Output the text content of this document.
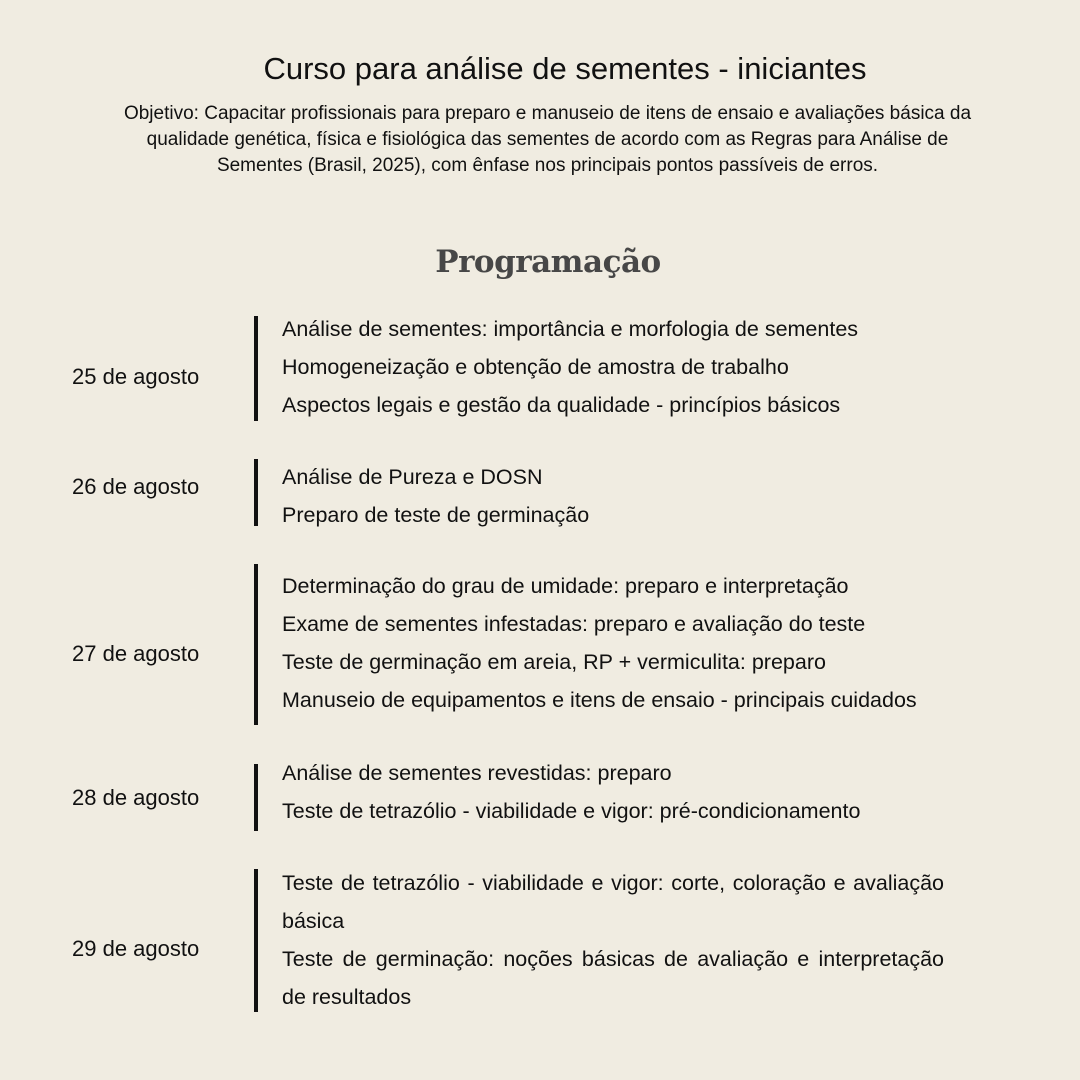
Curso para análise de sementes - iniciantes

Objetivo: Capacitar profissionais para preparo e manuseio de itens de ensaio e avaliações básica da qualidade genética, física e fisiológica das sementes de acordo com as Regras para Análise de Sementes (Brasil, 2025), com ênfase nos principais pontos passíveis de erros.

Programação
25 de agosto
Análise de sementes: importância e morfologia de sementes
Homogeneização e obtenção de amostra de trabalho
Aspectos legais e gestão da qualidade - princípios básicos
26 de agosto	Análise de Pureza e DOSN
Preparo de teste de germinação
27 de agosto
Determinação do grau de umidade: preparo e interpretação
Exame de sementes infestadas: preparo e avaliação do teste
Teste de germinação em areia, RP + vermiculita: preparo
Manuseio de equipamentos e itens de ensaio - principais cuidados
28 de agosto
Análise de sementes revestidas: preparo
Teste de tetrazólio - viabilidade e vigor: pré-condicionamento
29 de agosto
Teste de tetrazólio - viabilidade e vigor: corte, coloração e avaliação básica
Teste de germinação: noções básicas de avaliação e interpretação de resultados
